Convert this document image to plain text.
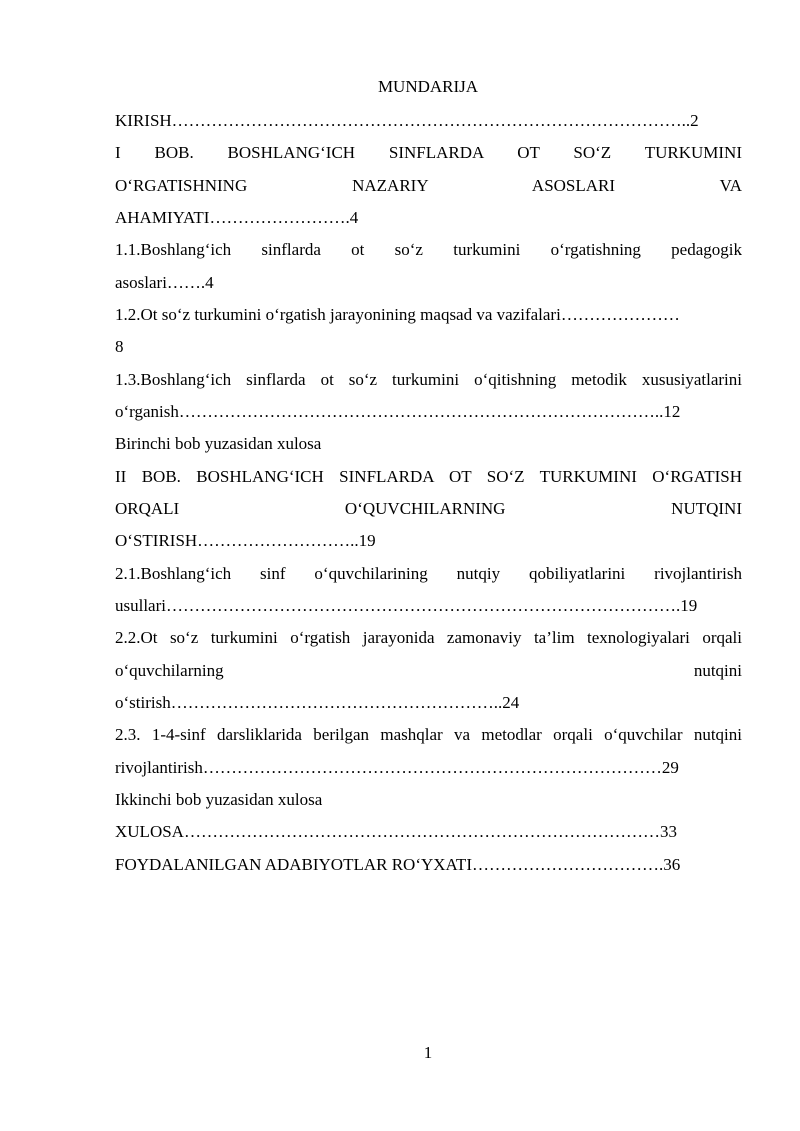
MUNDARIJA

KIRISH………………………………………………………………………………..2
I BOB. BOSHLANG‘ICH SINFLARDA OT SO‘Z TURKUMINI
O‘RGATISHNING NAZARIY ASOSLARI VA
AHAMIYATI…………………….4
1.1.Boshlang‘ich sinflarda ot so‘z turkumini o‘rgatishning pedagogik
asoslari…….4
1.2.Ot so‘z turkumini o‘rgatish jarayonining maqsad va vazifalari…………………
8
1.3.Boshlang‘ich sinflarda ot so‘z turkumini o‘qitishning metodik xususiyatlarini
o‘rganish…………………………………………………………………………..12
Birinchi bob yuzasidan xulosa
II BOB. BOSHLANG‘ICH SINFLARDA OT SO‘Z TURKUMINI O‘RGATISH
ORQALI O‘QUVCHILARNING NUTQINI
O‘STIRISH………………………..19
2.1.Boshlang‘ich sinf o‘quvchilarining nutqiy qobiliyatlarini rivojlantirish
usullari……………………………………………………………………………….19
2.2.Ot so‘z turkumini o‘rgatish jarayonida zamonaviy ta’lim texnologiyalari orqali
o‘quvchilarning nutqini
o‘stirish…………………………………………………..24
2.3. 1-4-sinf darsliklarida berilgan mashqlar va metodlar orqali o‘quvchilar nutqini
rivojlantirish………………………………………………………………………29
Ikkinchi bob yuzasidan xulosa
XULOSA…………………………………………………………………………33
FOYDALANILGAN ADABIYOTLAR RO‘YXATI…………………………….36

1
